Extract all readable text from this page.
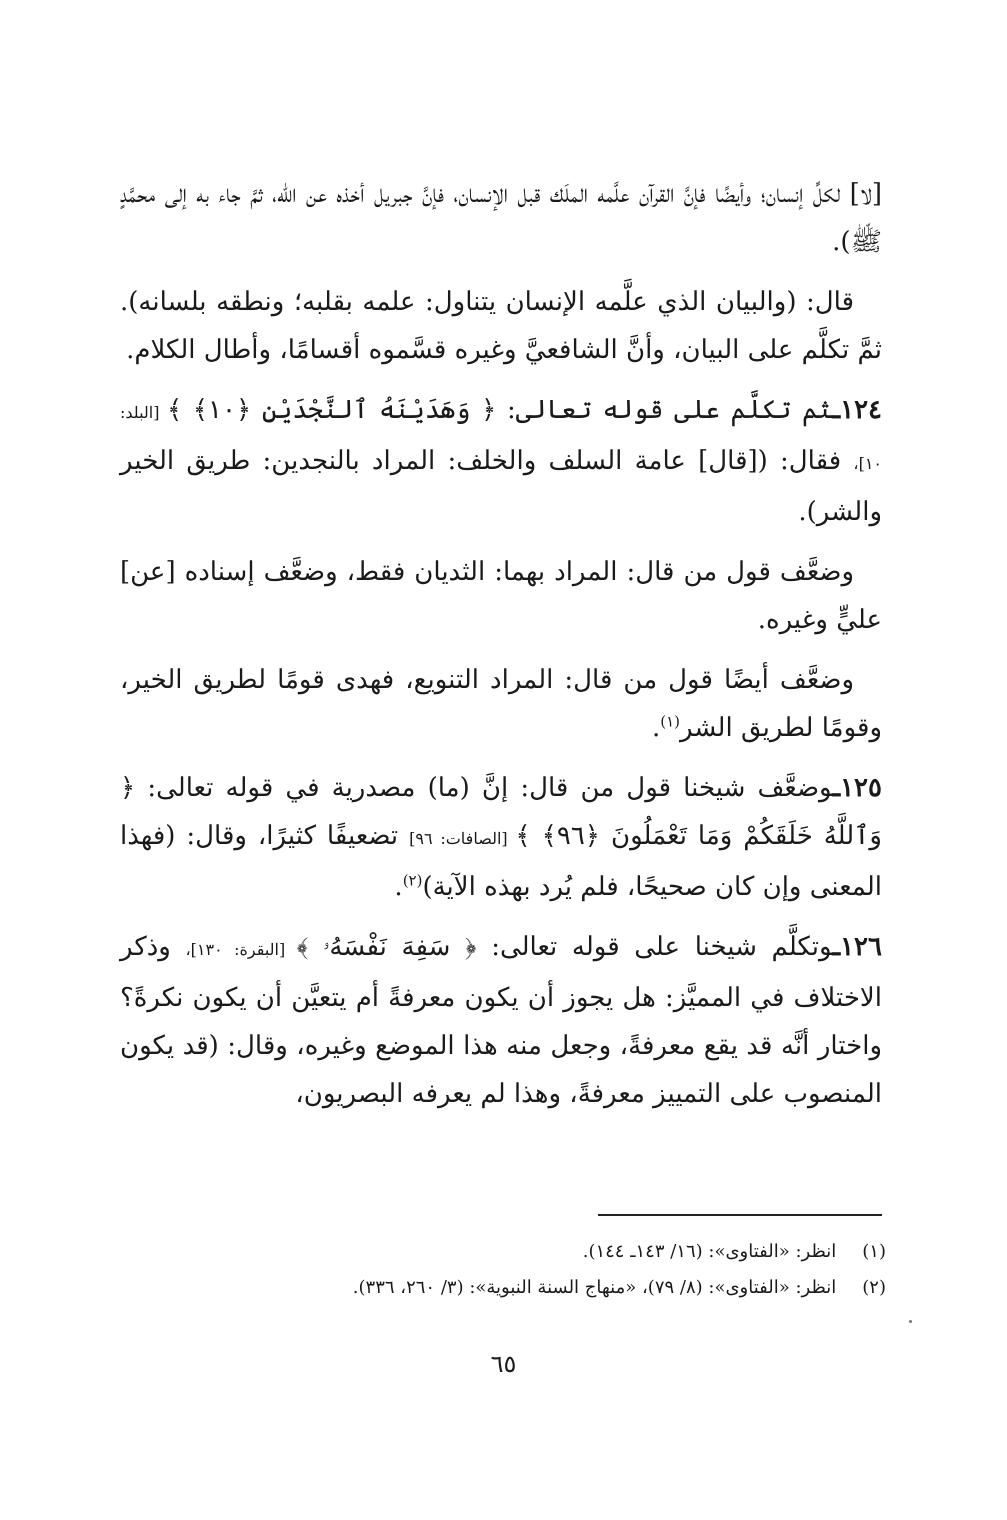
[لا] لكلِّ إنسان؛ وأيضًا فإنَّ القرآن علَّمه الملَك قبل الإنسان، فإنَّ جبريل أخذه عن الله، ثمَّ جاء به إلى محمَّدٍ ﷺ).

قال: (والبيان الذي علَّمه الإنسان يتناول: علمه بقلبه؛ ونطقه بلسانه). ثمَّ تكلَّم على البيان، وأنَّ الشافعيَّ وغيره قسَّموه أقسامًا، وأطال الكلام.

١٢٤ـثم تكلَّم على قوله تعالى: ﴿ وَهَدَيْنَهُ ٱلنَّجْدَيْنِ ﴿١٠﴾ ﴾ [البلد: ١٠]، فقال: ([قال] عامة السلف والخلف: المراد بالنجدين: طريق الخير والشر).

وضعَّف قول من قال: المراد بهما: الثديان فقط، وضعَّف إسناده [عن] عليٍّ وغيره.

وضعَّف أيضًا قول من قال: المراد التنويع، فهدى قومًا لطريق الخير، وقومًا لطريق الشر$^{(١)}$.

١٢٥ـوضعَّف شيخنا قول من قال: إنَّ (ما) مصدرية في قوله تعالى: ﴿ وَٱللَّهُ خَلَقَكُمْ وَمَا تَعْمَلُونَ ﴿٩٦﴾ ﴾ [الصافات: ٩٦] تضعيفًا كثيرًا، وقال: (فهذا المعنى وإن كان صحيحًا، فلم يُرد بهذه الآية)$^{(٢)}$.

١٢٦ـوتكلَّم شيخنا على قوله تعالى: ﴿ سَفِهَ نَفْسَهُۥ ﴾ [البقرة: ١٣٠]، وذكر الاختلاف في المميَّز: هل يجوز أن يكون معرفةً أم يتعيَّن أن يكون نكرةً؟ واختار أنَّه قد يقع معرفةً، وجعل منه هذا الموضع وغيره، وقال: (قد يكون المنصوب على التمييز معرفةً، وهذا لم يعرفه البصريون،

(١) انظر: «الفتاوى»: (١٦/ ١٤٣ـ ١٤٤).
(٢) انظر: «الفتاوى»: (٨/ ٧٩)، «منهاج السنة النبوية»: (٣/ ٢٦٠، ٣٣٦).
٦٥
